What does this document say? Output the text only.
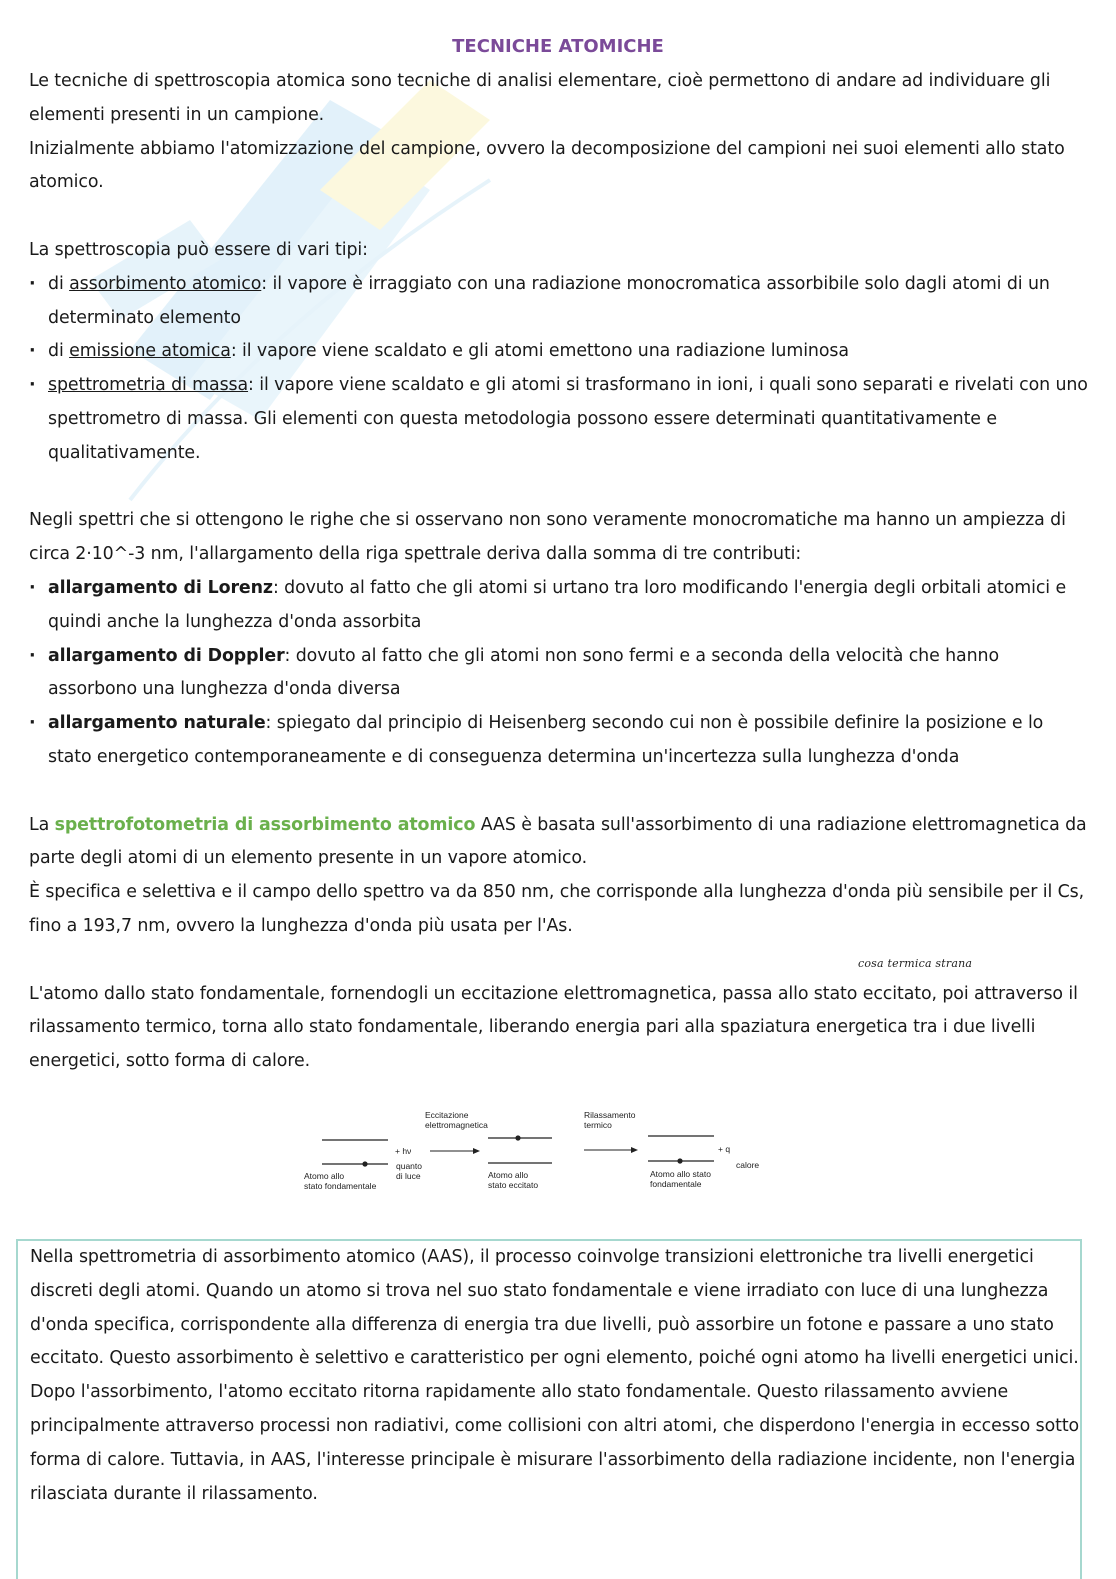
TECNICHE ATOMICHE

Le tecniche di spettroscopia atomica sono tecniche di analisi elementare, cioè permettono di andare ad individuare gli elementi presenti in un campione.

Inizialmente abbiamo l'atomizzazione del campione, ovvero la decomposizione del campioni nei suoi elementi allo stato atomico.

La spettroscopia può essere di vari tipi:

· di assorbimento atomico: il vapore è irraggiato con una radiazione monocromatica assorbibile solo dagli atomi di un determinato elemento
· di emissione atomica: il vapore viene scaldato e gli atomi emettono una radiazione luminosa
· spettrometria di massa: il vapore viene scaldato e gli atomi si trasformano in ioni, i quali sono separati e rivelati con uno spettrometro di massa. Gli elementi con questa metodologia possono essere determinati quantitativamente e qualitativamente.

Negli spettri che si ottengono le righe che si osservano non sono veramente monocromatiche ma hanno un ampiezza di circa 2·10^-3 nm, l'allargamento della riga spettrale deriva dalla somma di tre contributi:

· allargamento di Lorenz: dovuto al fatto che gli atomi si urtano tra loro modificando l'energia degli orbitali atomici e quindi anche la lunghezza d'onda assorbita
· allargamento di Doppler: dovuto al fatto che gli atomi non sono fermi e a seconda della velocità che hanno assorbono una lunghezza d'onda diversa
· allargamento naturale: spiegato dal principio di Heisenberg secondo cui non è possibile definire la posizione e lo stato energetico contemporaneamente e di conseguenza determina un'incertezza sulla lunghezza d'onda

La spettrofotometria di assorbimento atomico AAS è basata sull'assorbimento di una radiazione elettromagnetica da parte degli atomi di un elemento presente in un vapore atomico.

È specifica e selettiva e il campo dello spettro va da 850 nm, che corrisponde alla lunghezza d'onda più sensibile per il Cs, fino a 193,7 nm, ovvero la lunghezza d'onda più usata per l'As.

L'atomo dallo stato fondamentale, fornendogli un eccitazione elettromagnetica, passa allo stato eccitato, poi attraverso il rilassamento termico, torna allo stato fondamentale, liberando energia pari alla spaziatura energetica tra i due livelli energetici, sotto forma di calore.

cosa termica strana
Atomo allo
stato fondamentale
+ hν
quanto
di luce
Eccitazione
elettromagnetica
Atomo allo
stato eccitato
Rilassamento
termico
+ q
calore
Atomo allo stato
fondamentale

Nella spettrometria di assorbimento atomico (AAS), il processo coinvolge transizioni elettroniche tra livelli energetici discreti degli atomi. Quando un atomo si trova nel suo stato fondamentale e viene irradiato con luce di una lunghezza d'onda specifica, corrispondente alla differenza di energia tra due livelli, può assorbire un fotone e passare a uno stato eccitato. Questo assorbimento è selettivo e caratteristico per ogni elemento, poiché ogni atomo ha livelli energetici unici.

Dopo l'assorbimento, l'atomo eccitato ritorna rapidamente allo stato fondamentale. Questo rilassamento avviene principalmente attraverso processi non radiativi, come collisioni con altri atomi, che disperdono l'energia in eccesso sotto forma di calore. Tuttavia, in AAS, l'interesse principale è misurare l'assorbimento della radiazione incidente, non l'energia rilasciata durante il rilassamento.
